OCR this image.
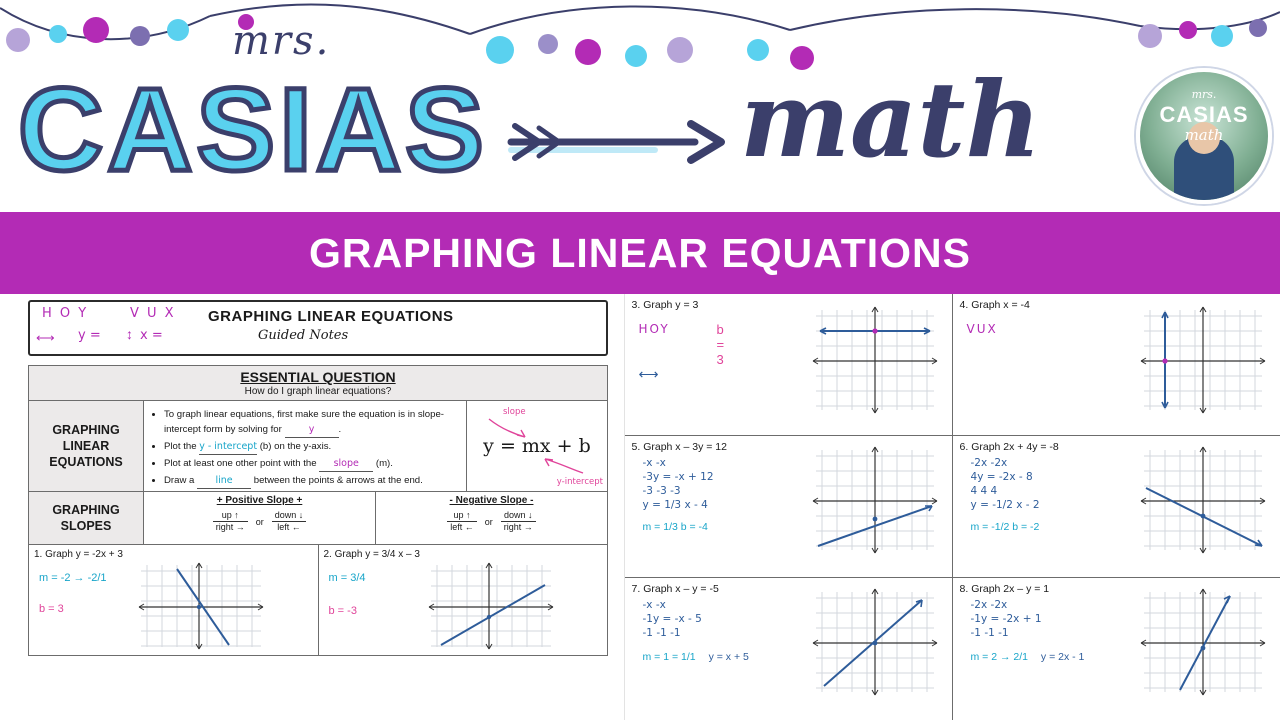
mrs.
CASIAS math	mrs.
CASIAS
math
GRAPHING LINEAR EQUATIONS
H O Y	V U X
⟷ y = ↕ x =
GRAPHING LINEAR EQUATIONS
Guided Notes
ESSENTIAL QUESTION
How do I graph linear equations?
GRAPHING LINEAR EQUATIONS
• To graph linear equations, first make sure the equation is in slope-intercept form by solving for	y	.
• Plot the y - intercept (b) on the y-axis.
• Plot at least one other point with the slope (m).
• Draw a line between the points & arrows at the end.
slope
y = mx + b
y-intercept
GRAPHING SLOPES
+ Positive Slope +
$\frac{up ↑}{\text{right →}}$ or $\frac{\text{down ↓}}{\text{left ←}}$
- Negative Slope -
$\frac{up ↑}{\text{left ←}}$ or $\frac{\text{down ↓}}{\text{right →}}$
1. Graph y = -2x + 3
m = -2 → -2/1
b = 3
2. Graph y = 3/4 x – 3
m = 3/4
b = -3
3. Graph y = 3
HOY	b = 3
⟷
4. Graph x = -4
VUX
5. Graph x – 3y = 12
-x -x
-3y = -x + 12
-3 -3 -3
y = 1/3 x - 4
m = 1/3 b = -4
6. Graph 2x + 4y = -8
-2x -2x
4y = -2x - 8
4 4 4
y = -1/2 x - 2
m = -1/2 b = -2
7. Graph x – y = -5
-x -x
-1y = -x - 5
-1 -1 -1
m = 1 = 1/1 y = x + 5
8. Graph 2x – y = 1
-2x -2x
-1y = -2x + 1
-1 -1 -1
m = 2 → 2/1 y = 2x - 1
